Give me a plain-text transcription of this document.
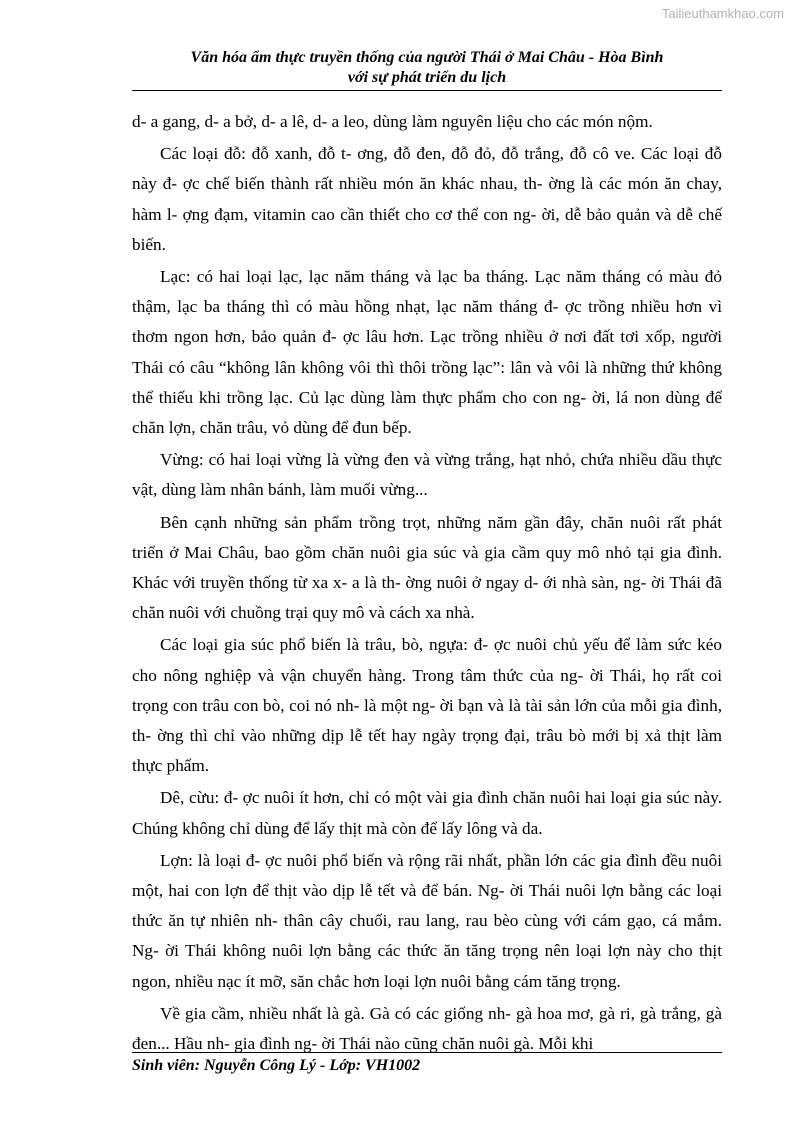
Tailieuthamkhao.com
Văn hóa ẩm thực truyền thống của người Thái ở Mai Châu - Hòa Bình
với sự phát triển du lịch

d- a gang, d- a bở, d- a lê, d- a leo, dùng làm nguyên liệu cho các món nộm.

Các loại đỗ: đỗ xanh, đỗ t- ơng, đỗ đen, đỗ đỏ, đỗ trắng, đỗ cô ve. Các loại đỗ này đ- ợc chế biến thành rất nhiều món ăn khác nhau, th- ờng là các món ăn chay, hàm l- ợng đạm, vitamin cao cần thiết cho cơ thể con ng- ời, dễ bảo quản và dễ chế biến.

Lạc: có hai loại lạc, lạc năm tháng và lạc ba tháng. Lạc năm tháng có màu đỏ thậm, lạc ba tháng thì có màu hồng nhạt, lạc năm tháng đ- ợc trồng nhiều hơn vì thơm ngon hơn, bảo quản đ- ợc lâu hơn. Lạc trồng nhiều ở nơi đất tơi xốp, người Thái có câu “không lân không vôi thì thôi trồng lạc”: lân và vôi là những thứ không thể thiếu khi trồng lạc. Củ lạc dùng làm thực phẩm cho con ng- ời, lá non dùng để chăn lợn, chăn trâu, vỏ dùng để đun bếp.

Vừng: có hai loại vừng là vừng đen và vừng trắng, hạt nhỏ, chứa nhiều dầu thực vật, dùng làm nhân bánh, làm muối vừng...

Bên cạnh những sản phẩm trồng trọt, những năm gần đây, chăn nuôi rất phát triển ở Mai Châu, bao gồm chăn nuôi gia súc và gia cầm quy mô nhỏ tại gia đình. Khác với truyền thống từ xa x- a là th- ờng nuôi ở ngay d- ới nhà sàn, ng- ời Thái đã chăn nuôi với chuồng trại quy mô và cách xa nhà.

Các loại gia súc phổ biến là trâu, bò, ngựa: đ- ợc nuôi chủ yếu để làm sức kéo cho nông nghiệp và vận chuyển hàng. Trong tâm thức của ng- ời Thái, họ rất coi trọng con trâu con bò, coi nó nh- là một ng- ời bạn và là tài sản lớn của mỗi gia đình, th- ờng thì chỉ vào những dịp lễ tết hay ngày trọng đại, trâu bò mới bị xả thịt làm thực phẩm.

Dê, cừu: đ- ợc nuôi ít hơn, chỉ có một vài gia đình chăn nuôi hai loại gia súc này. Chúng không chỉ dùng để lấy thịt mà còn để lấy lông và da.

Lợn: là loại đ- ợc nuôi phổ biến và rộng rãi nhất, phần lớn các gia đình đều nuôi một, hai con lợn để thịt vào dịp lễ tết và để bán. Ng- ời Thái nuôi lợn bằng các loại thức ăn tự nhiên nh- thân cây chuối, rau lang, rau bèo cùng với cám gạo, cá mắm. Ng- ời Thái không nuôi lợn bằng các thức ăn tăng trọng nên loại lợn này cho thịt ngon, nhiều nạc ít mỡ, săn chắc hơn loại lợn nuôi bằng cám tăng trọng.

Về gia cầm, nhiều nhất là gà. Gà có các giống nh- gà hoa mơ, gà ri, gà trắng, gà đen... Hầu nh- gia đình ng- ời Thái nào cũng chăn nuôi gà. Mỗi khi

Sinh viên: Nguyễn Công Lý - Lớp: VH1002
